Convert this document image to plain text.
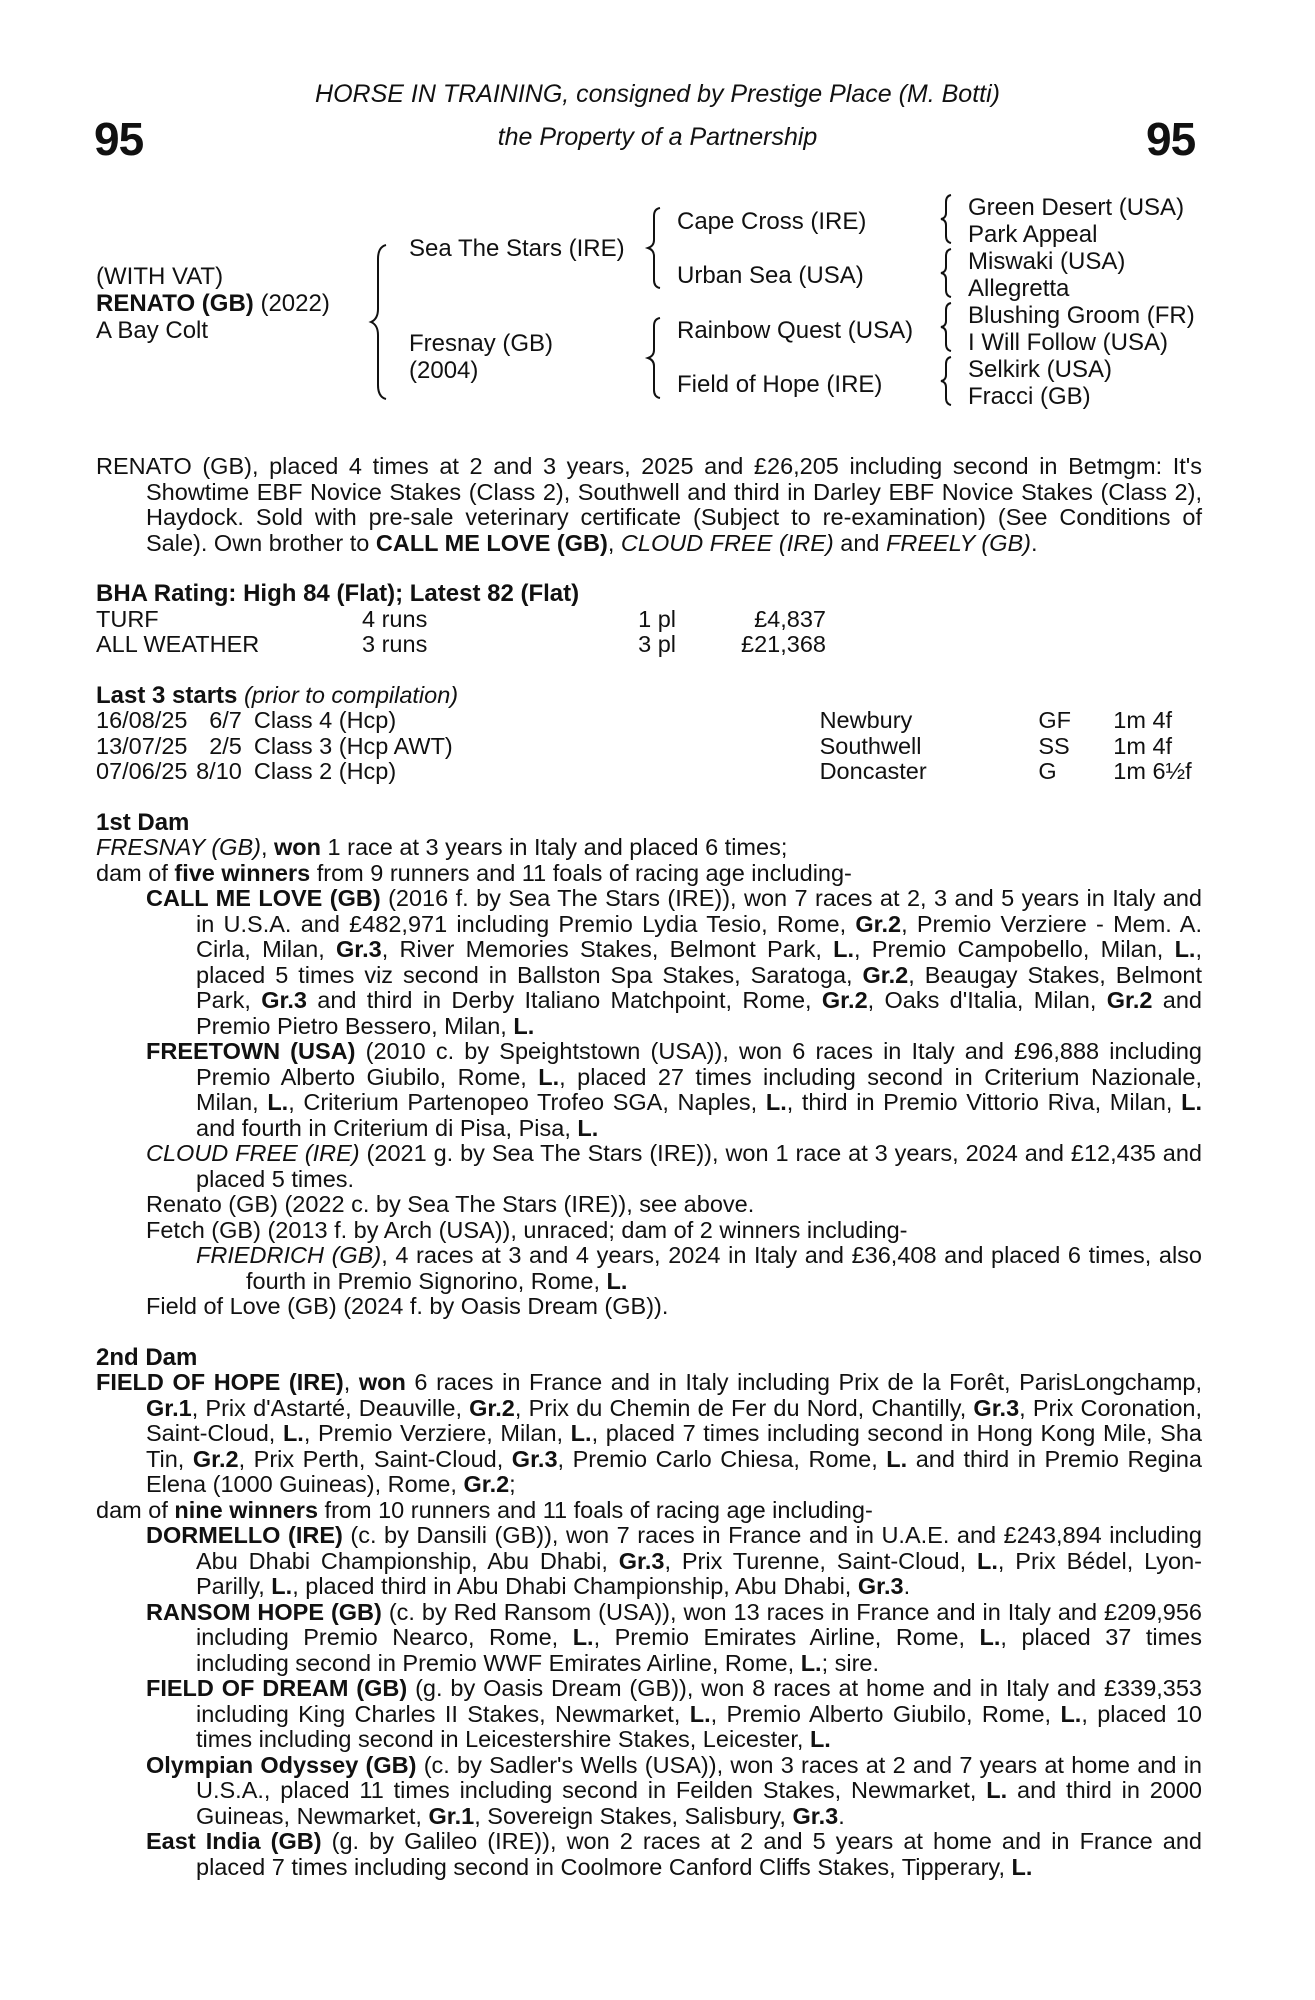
95	95
HORSE IN TRAINING, consigned by Prestige Place (M. Botti)
the Property of a Partnership
(WITH VAT)
RENATO (GB) (2022)
A Bay Colt
Sea The Stars (IRE)
Fresnay (GB)
(2004)
Cape Cross (IRE)
Urban Sea (USA)
Rainbow Quest (USA)
Field of Hope (IRE)
Green Desert (USA)
Park Appeal
Miswaki (USA)
Allegretta
Blushing Groom (FR)
I Will Follow (USA)
Selkirk (USA)
Fracci (GB)
RENATO (GB), placed 4 times at 2 and 3 years, 2025 and £26,205 including second in Betmgm: It's Showtime EBF Novice Stakes (Class 2), Southwell and third in Darley EBF Novice Stakes (Class 2), Haydock. Sold with pre-sale veterinary certificate (Subject to re-examination) (See Conditions of Sale). Own brother to CALL ME LOVE (GB), CLOUD FREE (IRE) and FREELY (GB).
BHA Rating: High 84 (Flat); Latest 82 (Flat)
TURF	4 runs	1 pl	£4,837
ALL WEATHER	3 runs	3 pl	£21,368
Last 3 starts (prior to compilation)
16/08/25 6/7 Class 4 (Hcp)	Newbury	GF	1m 4f
13/07/25 2/5 Class 3 (Hcp AWT)	Southwell	SS	1m 4f
07/06/25 8/10 Class 2 (Hcp)	Doncaster	G	1m 6½f
1st Dam
FRESNAY (GB), won 1 race at 3 years in Italy and placed 6 times;
dam of five winners from 9 runners and 11 foals of racing age including-
CALL ME LOVE (GB) (2016 f. by Sea The Stars (IRE)), won 7 races at 2, 3 and 5 years in Italy and in U.S.A. and £482,971 including Premio Lydia Tesio, Rome, Gr.2, Premio Verziere - Mem. A. Cirla, Milan, Gr.3, River Memories Stakes, Belmont Park, L., Premio Campobello, Milan, L., placed 5 times viz second in Ballston Spa Stakes, Saratoga, Gr.2, Beaugay Stakes, Belmont Park, Gr.3 and third in Derby Italiano Matchpoint, Rome, Gr.2, Oaks d'Italia, Milan, Gr.2 and Premio Pietro Bessero, Milan, L.
FREETOWN (USA) (2010 c. by Speightstown (USA)), won 6 races in Italy and £96,888 including Premio Alberto Giubilo, Rome, L., placed 27 times including second in Criterium Nazionale, Milan, L., Criterium Partenopeo Trofeo SGA, Naples, L., third in Premio Vittorio Riva, Milan, L. and fourth in Criterium di Pisa, Pisa, L.
CLOUD FREE (IRE) (2021 g. by Sea The Stars (IRE)), won 1 race at 3 years, 2024 and £12,435 and placed 5 times.
Renato (GB) (2022 c. by Sea The Stars (IRE)), see above.
Fetch (GB) (2013 f. by Arch (USA)), unraced; dam of 2 winners including-
FRIEDRICH (GB), 4 races at 3 and 4 years, 2024 in Italy and £36,408 and placed 6 times, also fourth in Premio Signorino, Rome, L.
Field of Love (GB) (2024 f. by Oasis Dream (GB)).
2nd Dam
FIELD OF HOPE (IRE), won 6 races in France and in Italy including Prix de la Forêt, ParisLongchamp, Gr.1, Prix d'Astarté, Deauville, Gr.2, Prix du Chemin de Fer du Nord, Chantilly, Gr.3, Prix Coronation, Saint-Cloud, L., Premio Verziere, Milan, L., placed 7 times including second in Hong Kong Mile, Sha Tin, Gr.2, Prix Perth, Saint-Cloud, Gr.3, Premio Carlo Chiesa, Rome, L. and third in Premio Regina Elena (1000 Guineas), Rome, Gr.2;
dam of nine winners from 10 runners and 11 foals of racing age including-
DORMELLO (IRE) (c. by Dansili (GB)), won 7 races in France and in U.A.E. and £243,894 including Abu Dhabi Championship, Abu Dhabi, Gr.3, Prix Turenne, Saint-Cloud, L., Prix Bédel, Lyon-Parilly, L., placed third in Abu Dhabi Championship, Abu Dhabi, Gr.3.
RANSOM HOPE (GB) (c. by Red Ransom (USA)), won 13 races in France and in Italy and £209,956 including Premio Nearco, Rome, L., Premio Emirates Airline, Rome, L., placed 37 times including second in Premio WWF Emirates Airline, Rome, L.; sire.
FIELD OF DREAM (GB) (g. by Oasis Dream (GB)), won 8 races at home and in Italy and £339,353 including King Charles II Stakes, Newmarket, L., Premio Alberto Giubilo, Rome, L., placed 10 times including second in Leicestershire Stakes, Leicester, L.
Olympian Odyssey (GB) (c. by Sadler's Wells (USA)), won 3 races at 2 and 7 years at home and in U.S.A., placed 11 times including second in Feilden Stakes, Newmarket, L. and third in 2000 Guineas, Newmarket, Gr.1, Sovereign Stakes, Salisbury, Gr.3.
East India (GB) (g. by Galileo (IRE)), won 2 races at 2 and 5 years at home and in France and placed 7 times including second in Coolmore Canford Cliffs Stakes, Tipperary, L.
